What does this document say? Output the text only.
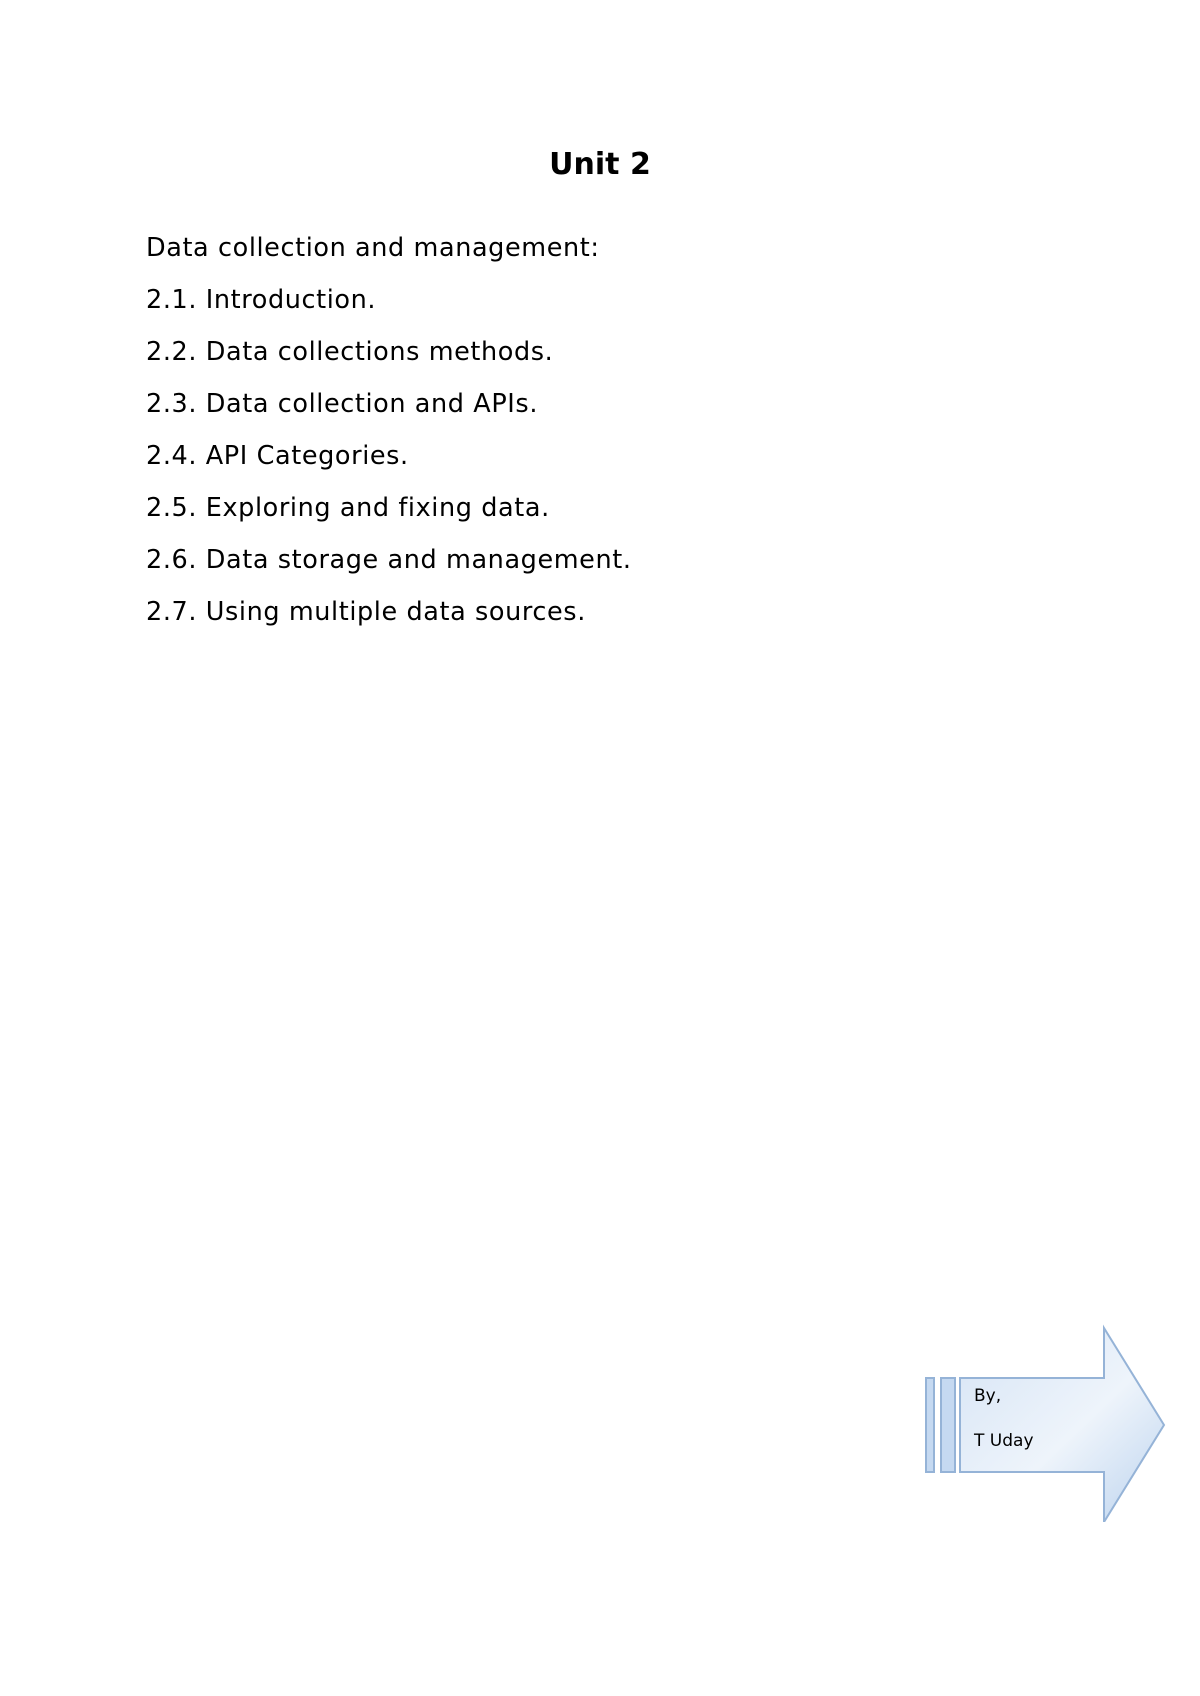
Unit 2
Data collection and management:
2.1. Introduction.
2.2. Data collections methods.
2.3. Data collection and APIs.
2.4. API Categories.
2.5. Exploring and fixing data.
2.6. Data storage and management.
2.7. Using multiple data sources.
By,
T Uday
